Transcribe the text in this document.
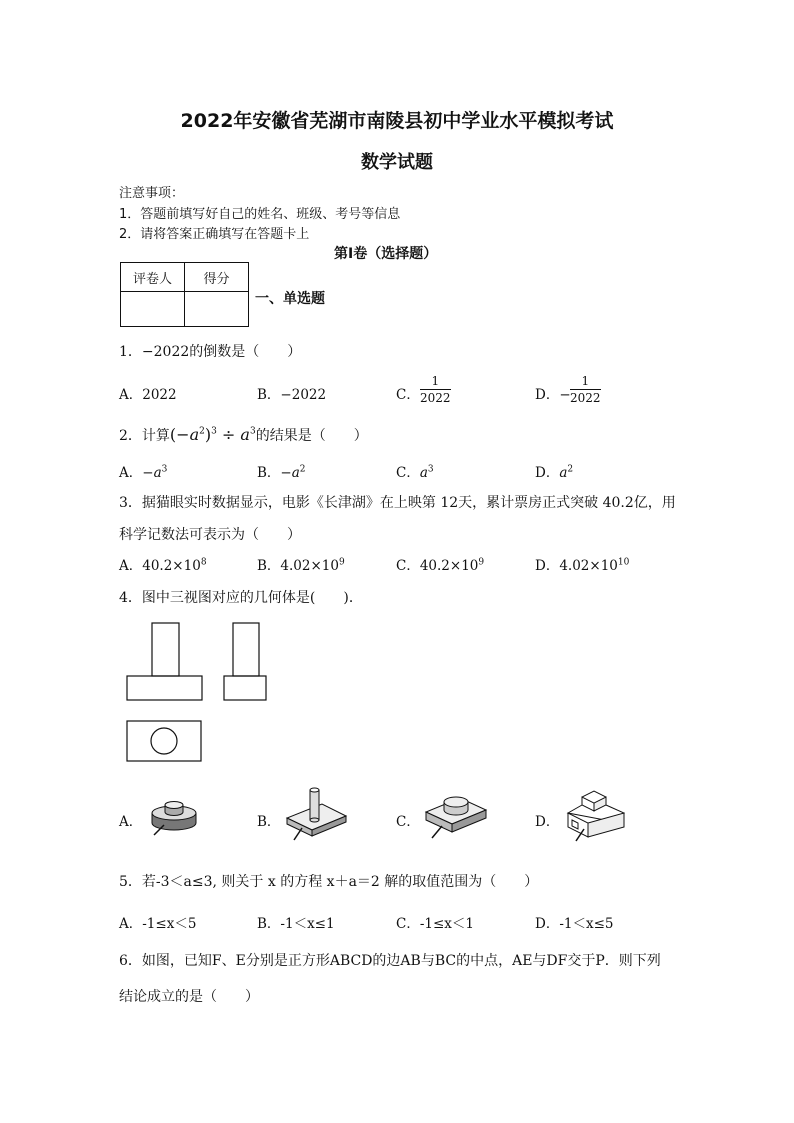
2022年安徽省芜湖市南陵县初中学业水平模拟考试
数学试题
注意事项：
1．答题前填写好自己的姓名、班级、考号等信息
2．请将答案正确填写在答题卡上
第I卷（选择题）
评卷人	得分

一、单选题
1．−2022的倒数是（　　）
A．2022	B．−2022	C． $\frac{1}{2022}$	D．− $\frac{1}{2022}$
2．计算$(-a^2)^3 \div a^3$的结果是（　　）
A．$-a^3$	B．$-a^2$	C．$a^3$	D．$a^2$
3．据猫眼实时数据显示，电影《长津湖》在上映第 12天，累计票房正式突破 40.2亿，用
科学记数法可表示为（　　）
A．$40.2\times 10^8$	B．$4.02\times 10^9$	C．$40.2\times 10^9$	D．$4.02\times 10^{10}$
4．图中三视图对应的几何体是(　　)．
A．	B．	C．	D．
5．若-3＜a≤3, 则关于 x 的方程 x＋a＝2 解的取值范围为（　　）
A．-1≤x＜5	B．-1＜x≤1	C．-1≤x＜1	D．-1＜x≤5
6．如图，已知F、E分别是正方形ABCD的边AB与BC的中点，AE与DF交于P．则下列
结论成立的是（　　）
